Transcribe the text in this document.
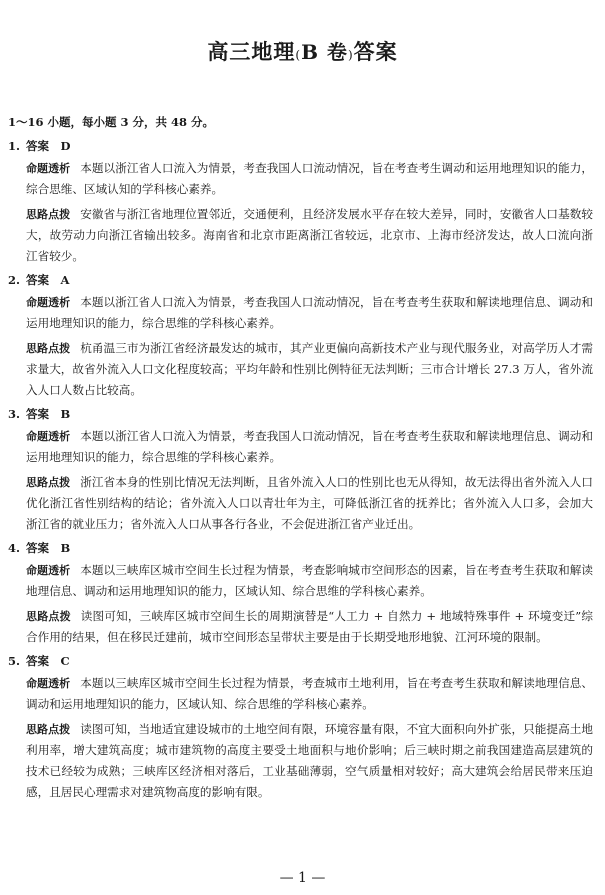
高三地理(B 卷)答案
1～16 小题，每小题 3 分，共 48 分。
1. 答案　D

命题透析 本题以浙江省人口流入为情景，考查我国人口流动情况，旨在考查考生调动和运用地理知识的能力，综合思维、区域认知的学科核心素养。

思路点拨 安徽省与浙江省地理位置邻近，交通便利，且经济发展水平存在较大差异，同时，安徽省人口基数较大，故劳动力向浙江省输出较多。海南省和北京市距离浙江省较远，北京市、上海市经济发达，故人口流向浙江省较少。

2. 答案　A

命题透析 本题以浙江省人口流入为情景，考查我国人口流动情况，旨在考查考生获取和解读地理信息、调动和运用地理知识的能力，综合思维的学科核心素养。

思路点拨 杭甬温三市为浙江省经济最发达的城市，其产业更偏向高新技术产业与现代服务业，对高学历人才需求量大，故省外流入人口文化程度较高；平均年龄和性别比例特征无法判断；三市合计增长 27.3 万人，省外流入人口人数占比较高。

3. 答案　B

命题透析 本题以浙江省人口流入为情景，考查我国人口流动情况，旨在考查考生获取和解读地理信息、调动和运用地理知识的能力，综合思维的学科核心素养。

思路点拨 浙江省本身的性别比情况无法判断，且省外流入人口的性别比也无从得知，故无法得出省外流入人口优化浙江省性别结构的结论；省外流入人口以青壮年为主，可降低浙江省的抚养比；省外流入人口多，会加大浙江省的就业压力；省外流入人口从事各行各业，不会促进浙江省产业迁出。

4. 答案　B

命题透析 本题以三峡库区城市空间生长过程为情景，考查影响城市空间形态的因素，旨在考查考生获取和解读地理信息、调动和运用地理知识的能力，区域认知、综合思维的学科核心素养。

思路点拨 读图可知，三峡库区城市空间生长的周期演替是“人工力 + 自然力 + 地域特殊事件 + 环境变迁”综合作用的结果，但在移民迁建前，城市空间形态呈带状主要是由于长期受地形地貌、江河环境的限制。

5. 答案　C

命题透析 本题以三峡库区城市空间生长过程为情景，考查城市土地利用，旨在考查考生获取和解读地理信息、调动和运用地理知识的能力，区域认知、综合思维的学科核心素养。

思路点拨 读图可知，当地适宜建设城市的土地空间有限，环境容量有限，不宜大面积向外扩张，只能提高土地利用率，增大建筑高度；城市建筑物的高度主要受土地面积与地价影响；后三峡时期之前我国建造高层建筑的技术已经较为成熟；三峡库区经济相对落后，工业基础薄弱，空气质量相对较好；高大建筑会给居民带来压迫感，且居民心理需求对建筑物高度的影响有限。

— 1 —
